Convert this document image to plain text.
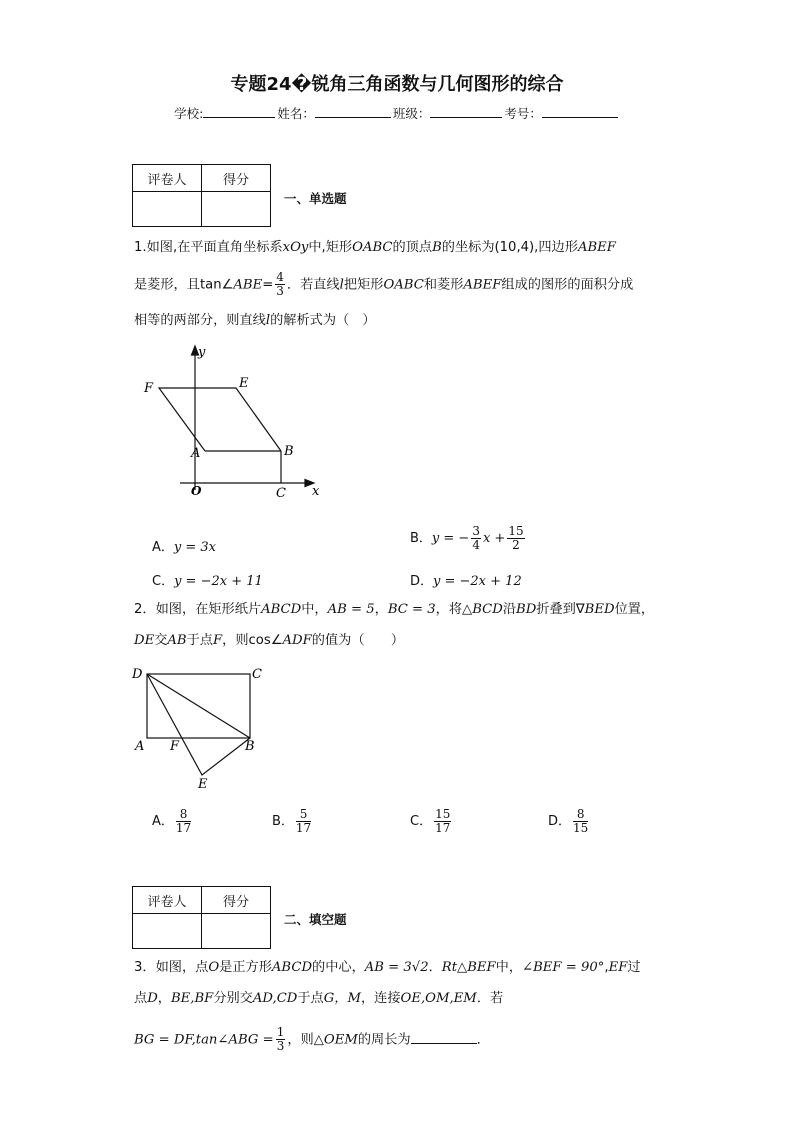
专题24�锐角三角函数与几何图形的综合
学校:	姓名：	班级：	考号：
评卷人	得分

一、单选题
1.如图,在平面直角坐标系xOy中,矩形OABC的顶点B的坐标为(10,4),四边形ABEF
是菱形，且tan∠ABE= $\frac{4}{3}$ ．若直线l把矩形OABC和菱形ABEF组成的图形的面积分成
相等的两部分，则直线l的解析式为（　）
y
x
O
A	B
C
E
F
A．y = 3x
B．y = − $\frac{3}{4}$ $x + \frac{15}{2}$
C．y = −2x + 11	D．y = −2x + 12
2．如图，在矩形纸片ABCD中，AB = 5，BC = 3，将△BCD沿BD折叠到∇BED位置，
DE交AB于点F，则cos∠ADF的值为（　　）
D	C
A F	B
E
A． $\frac{8}{17}$	B． $\frac{5}{17}$	C． $\frac{15}{17}$	D． $\frac{8}{15}$
评卷人	得分

二、填空题
3．如图，点O是正方形ABCD的中心，AB = 3√2．Rt△BEF中，∠BEF = 90°,EF过
点D，BE,BF分别交AD,CD于点G，M，连接OE,OM,EM．若
BG = DF,tan∠ABG = $\frac{1}{3}$ ，则△OEM的周长为	．
